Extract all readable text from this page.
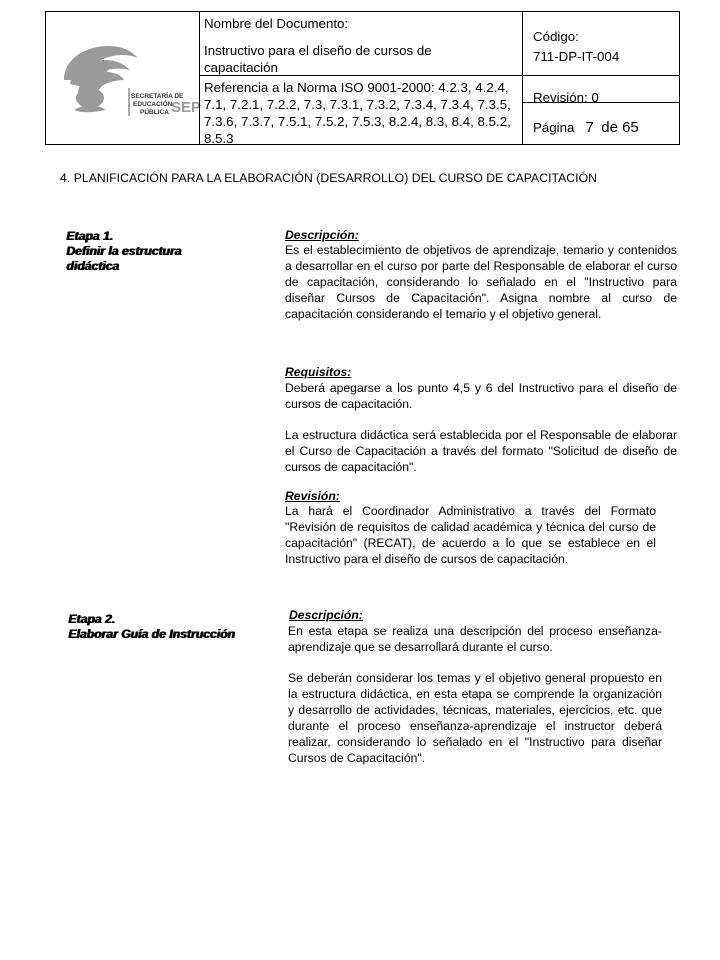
SECRETARÍA DE
EDUCACIÓN
PÚBLICA SEP
Nombre del Documento:
Instructivo para el diseño de cursos de capacitación
Referencia a la Norma ISO 9001-2000: 4.2.3, 4.2.4, 7.1, 7.2.1, 7.2.2, 7.3, 7.3.1, 7.3.2, 7.3.4, 7.3.4, 7.3.5, 7.3.6, 7.3.7, 7.5.1, 7.5.2, 7.5.3, 8.2.4, 8.3, 8.4, 8.5.2, 8.5.3
Código:
711-DP-IT-004
Revisión: 0
Página 7 de 65
4. PLANIFICACIÓN PARA LA ELABORACIÓN (DESARROLLO) DEL CURSO DE CAPACITACIÓN
Etapa 1.
Definir la estructura didáctica
Descripción:
Es el establecimiento de objetivos de aprendizaje, temario y contenidos a desarrollar en el curso por parte del Responsable de elaborar el curso de capacitación, considerando lo señalado en el "Instructivo para diseñar Cursos de Capacitación". Asigna nombre al curso de capacitación considerando el temario y el objetivo general.
Requisitos:
Deberá apegarse a los punto 4,5 y 6 del Instructivo para el diseño de cursos de capacitación.
La estructura didáctica será establecida por el Responsable de elaborar el Curso de Capacitación a través del formato "Solicitud de diseño de cursos de capacitación".
Revisión:
La hará el Coordinador Administrativo a través del Formato "Revisión de requisitos de calidad académica y técnica del curso de capacitación" (RECAT), de acuerdo a lo que se establece en el Instructivo para el diseño de cursos de capacitación.
Etapa 2.
Elaborar Guía de Instrucción
Descripción:
En esta etapa se realiza una descripción del proceso enseñanza-aprendizaje que se desarrollará durante el curso.
Se deberán considerar los temas y el objetivo general propuesto en la estructura didáctica, en esta etapa se comprende la organización y desarrollo de actividades, técnicas, materiales, ejercicios, etc. que durante el proceso enseñanza-aprendizaje el instructor deberá realizar, considerando lo señalado en el "Instructivo para diseñar Cursos de Capacitación".
